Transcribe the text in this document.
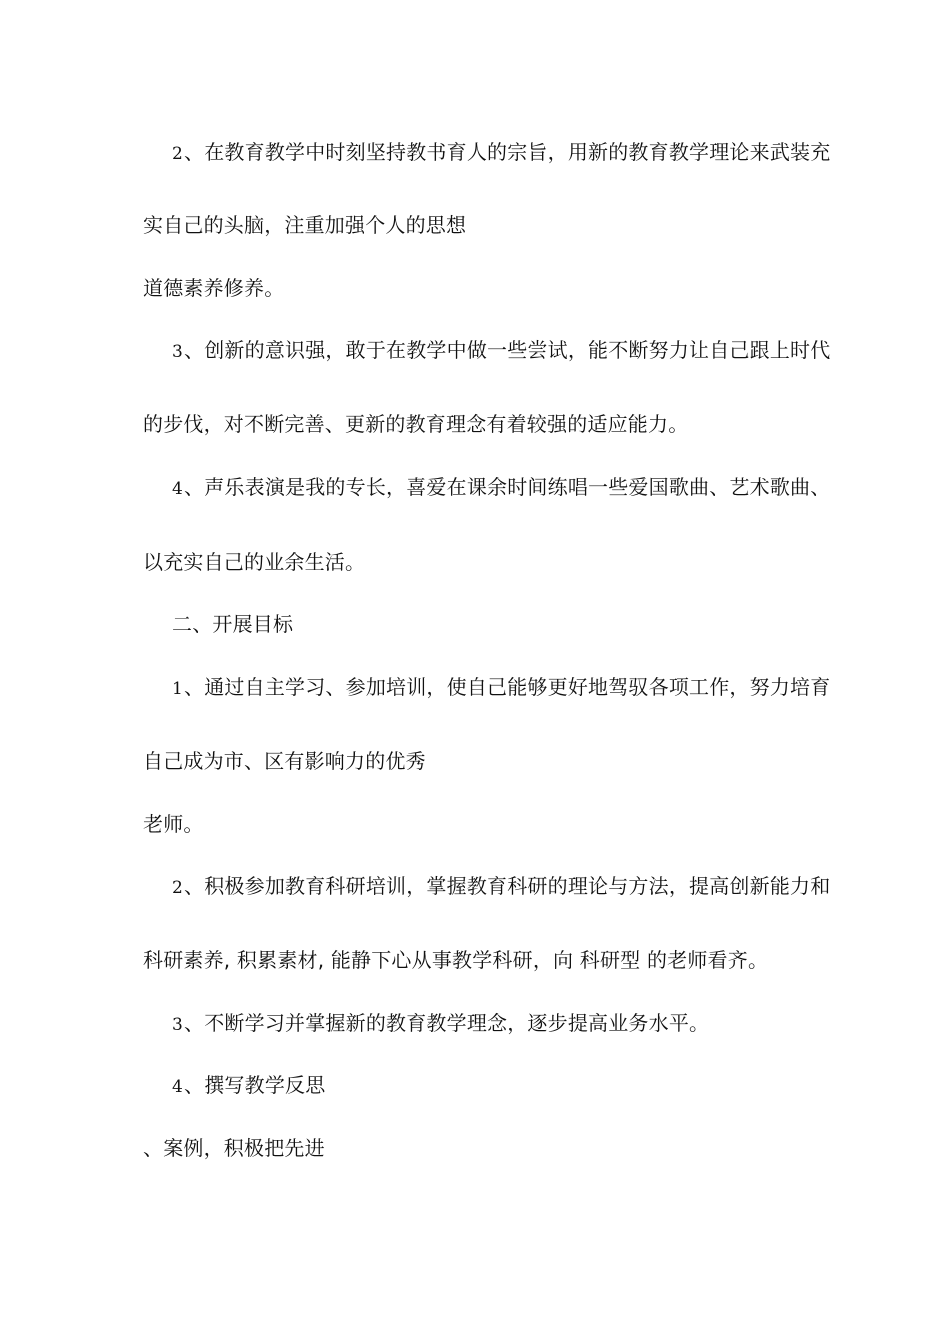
2、在教育教学中时刻坚持教书育人的宗旨，用新的教育教学理论来武装充
实自己的头脑，注重加强个人的思想
道德素养修养。
3、创新的意识强，敢于在教学中做一些尝试，能不断努力让自己跟上时代
的步伐，对不断完善、更新的教育理念有着较强的适应能力。
4、声乐表演是我的专长，喜爱在课余时间练唱一些爱国歌曲、艺术歌曲、
以充实自己的业余生活。
二、开展目标
1、通过自主学习、参加培训，使自己能够更好地驾驭各项工作，努力培育
自己成为市、区有影响力的优秀
老师。
2、积极参加教育科研培训，掌握教育科研的理论与方法，提高创新能力和
科研素养, 积累素材, 能静下心从事教学科研，向 科研型 的老师看齐。
3、不断学习并掌握新的教育教学理念，逐步提高业务水平。
4、撰写教学反思
、案例，积极把先进
